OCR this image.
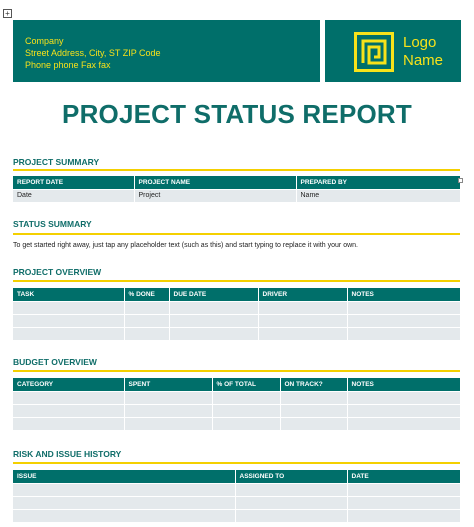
+
Company
Street Address, City, ST ZIP Code
Phone phone Fax fax
Logo
Name
PROJECT STATUS REPORT
PROJECT SUMMARY
REPORT DATE	PROJECT NAME	PREPARED BY
Date	Project	Name
STATUS SUMMARY
To get started right away, just tap any placeholder text (such as this) and start typing to replace it with your own.
PROJECT OVERVIEW
TASK	% DONE	DUE DATE	DRIVER	NOTES

BUDGET OVERVIEW
CATEGORY	SPENT	% OF TOTAL	ON TRACK?	NOTES

RISK AND ISSUE HISTORY
ISSUE	ASSIGNED TO	DATE
